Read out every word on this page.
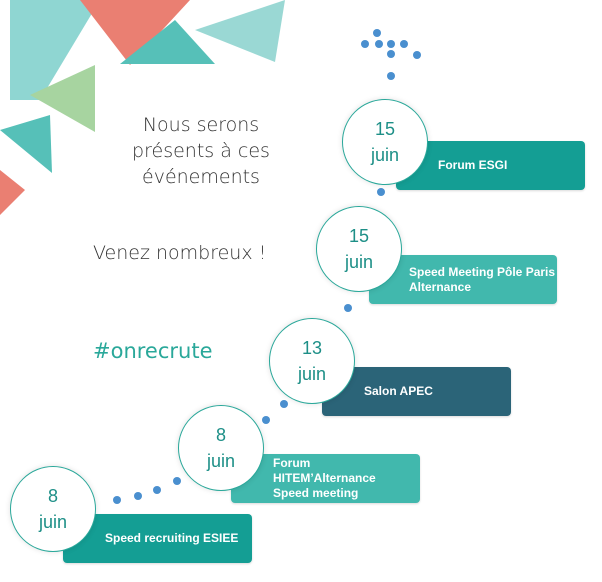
Nous serons présents à ces événements
Venez nombreux !
#onrecrute
Forum ESGI
15
juin
Speed Meeting Pôle Paris Alternance
15
juin
Salon APEC
13
juin
Forum HITEM’Alternance Speed meeting
8
juin
Speed recruiting ESIEE
8
juin
